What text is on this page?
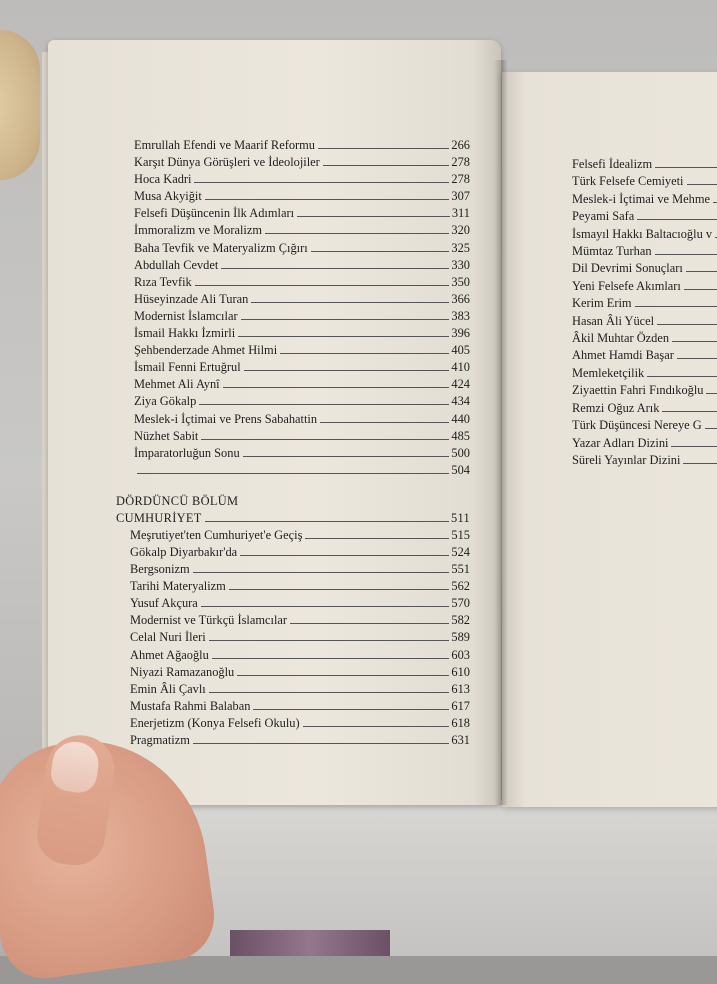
Emrullah Efendi ve Maarif Reformu	266
Karşıt Dünya Görüşleri ve İdeolojiler	278
Hoca Kadri	278
Musa Akyiğit	307
Felsefi Düşüncenin İlk Adımları	311
İmmoralizm ve Moralizm	320
Baha Tevfik ve Materyalizm Çığırı	325
Abdullah Cevdet	330
Rıza Tevfik	350
Hüseyinzade Ali Turan	366
Modernist İslamcılar	383
İsmail Hakkı İzmirli	396
Şehbenderzade Ahmet Hilmi	405
İsmail Fenni Ertuğrul	410
Mehmet Ali Aynî	424
Ziya Gökalp	434
Meslek-i İçtimai ve Prens Sabahattin	440
Nüzhet Sabit	485
İmparatorluğun Sonu	500
504
DÖRDÜNCÜ BÖLÜM
CUMHURİYET	511
Meşrutiyet'ten Cumhuriyet'e Geçiş	515
Gökalp Diyarbakır'da	524
Bergsonizm	551
Tarihi Materyalizm	562
Yusuf Akçura	570
Modernist ve Türkçü İslamcılar	582
Celal Nuri İleri	589
Ahmet Ağaoğlu	603
Niyazi Ramazanoğlu	610
Emin Âli Çavlı	613
Mustafa Rahmi Balaban	617
Enerjetizm (Konya Felsefi Okulu)	618
Pragmatizm	631
Felsefi İdealizm
Türk Felsefe Cemiyeti
Meslek-i İçtimai ve Mehme
Peyami Safa
İsmayıl Hakkı Baltacıoğlu v
Mümtaz Turhan
Dil Devrimi Sonuçları
Yeni Felsefe Akımları
Kerim Erim
Hasan Âli Yücel
Âkil Muhtar Özden
Ahmet Hamdi Başar
Memleketçilik
Ziyaettin Fahri Fındıkoğlu
Remzi Oğuz Arık
Türk Düşüncesi Nereye G
Yazar Adları Dizini
Süreli Yayınlar Dizini
